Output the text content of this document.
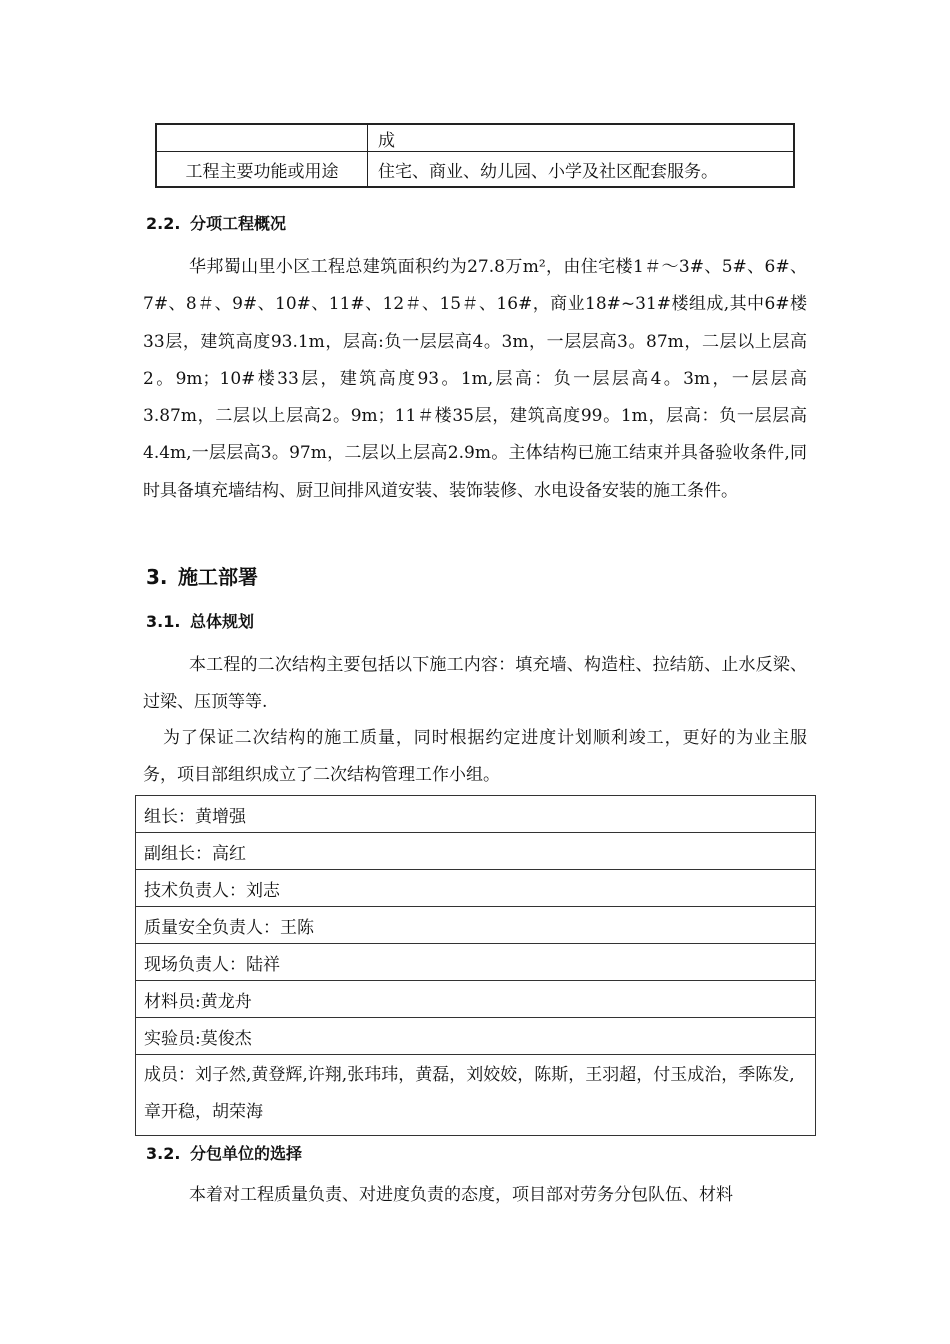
	成
工程主要功能或用途	住宅、商业、幼儿园、小学及社区配套服务。
2.2. 分项工程概况

华邦蜀山里小区工程总建筑面积约为27.8万m²，由住宅楼1＃～3#、5#、6#、7#、8＃、9#、10#、11#、12＃、15＃、16#，商业18#~31#楼组成,其中6#楼33层，建筑高度93.1m，层高:负一层层高4。3m，一层层高3。87m，二层以上层高2。9m；10#楼33层，建筑高度93。1m,层高：负一层层高4。3m，一层层高3.87m，二层以上层高2。9m；11＃楼35层，建筑高度99。1m，层高：负一层层高4.4m,一层层高3。97m，二层以上层高2.9m。主体结构已施工结束并具备验收条件,同时具备填充墙结构、厨卫间排风道安装、装饰装修、水电设备安装的施工条件。

3. 施工部署
3.1. 总体规划

本工程的二次结构主要包括以下施工内容：填充墙、构造柱、拉结筋、止水反梁、 过梁、压顶等等.

为了保证二次结构的施工质量，同时根据约定进度计划顺利竣工，更好的为业主服务，项目部组织成立了二次结构管理工作小组。

组长：黄增强
副组长：高红
技术负责人：刘志
质量安全负责人：王陈
现场负责人：陆祥
材料员:黄龙舟
实验员:莫俊杰
成员：刘子然,黄登辉,许翔,张玮玮，黄磊，刘姣姣，陈斯，王羽超，付玉成治，季陈发,章开稳，胡荣海
3.2. 分包单位的选择

本着对工程质量负责、对进度负责的态度，项目部对劳务分包队伍、材料
